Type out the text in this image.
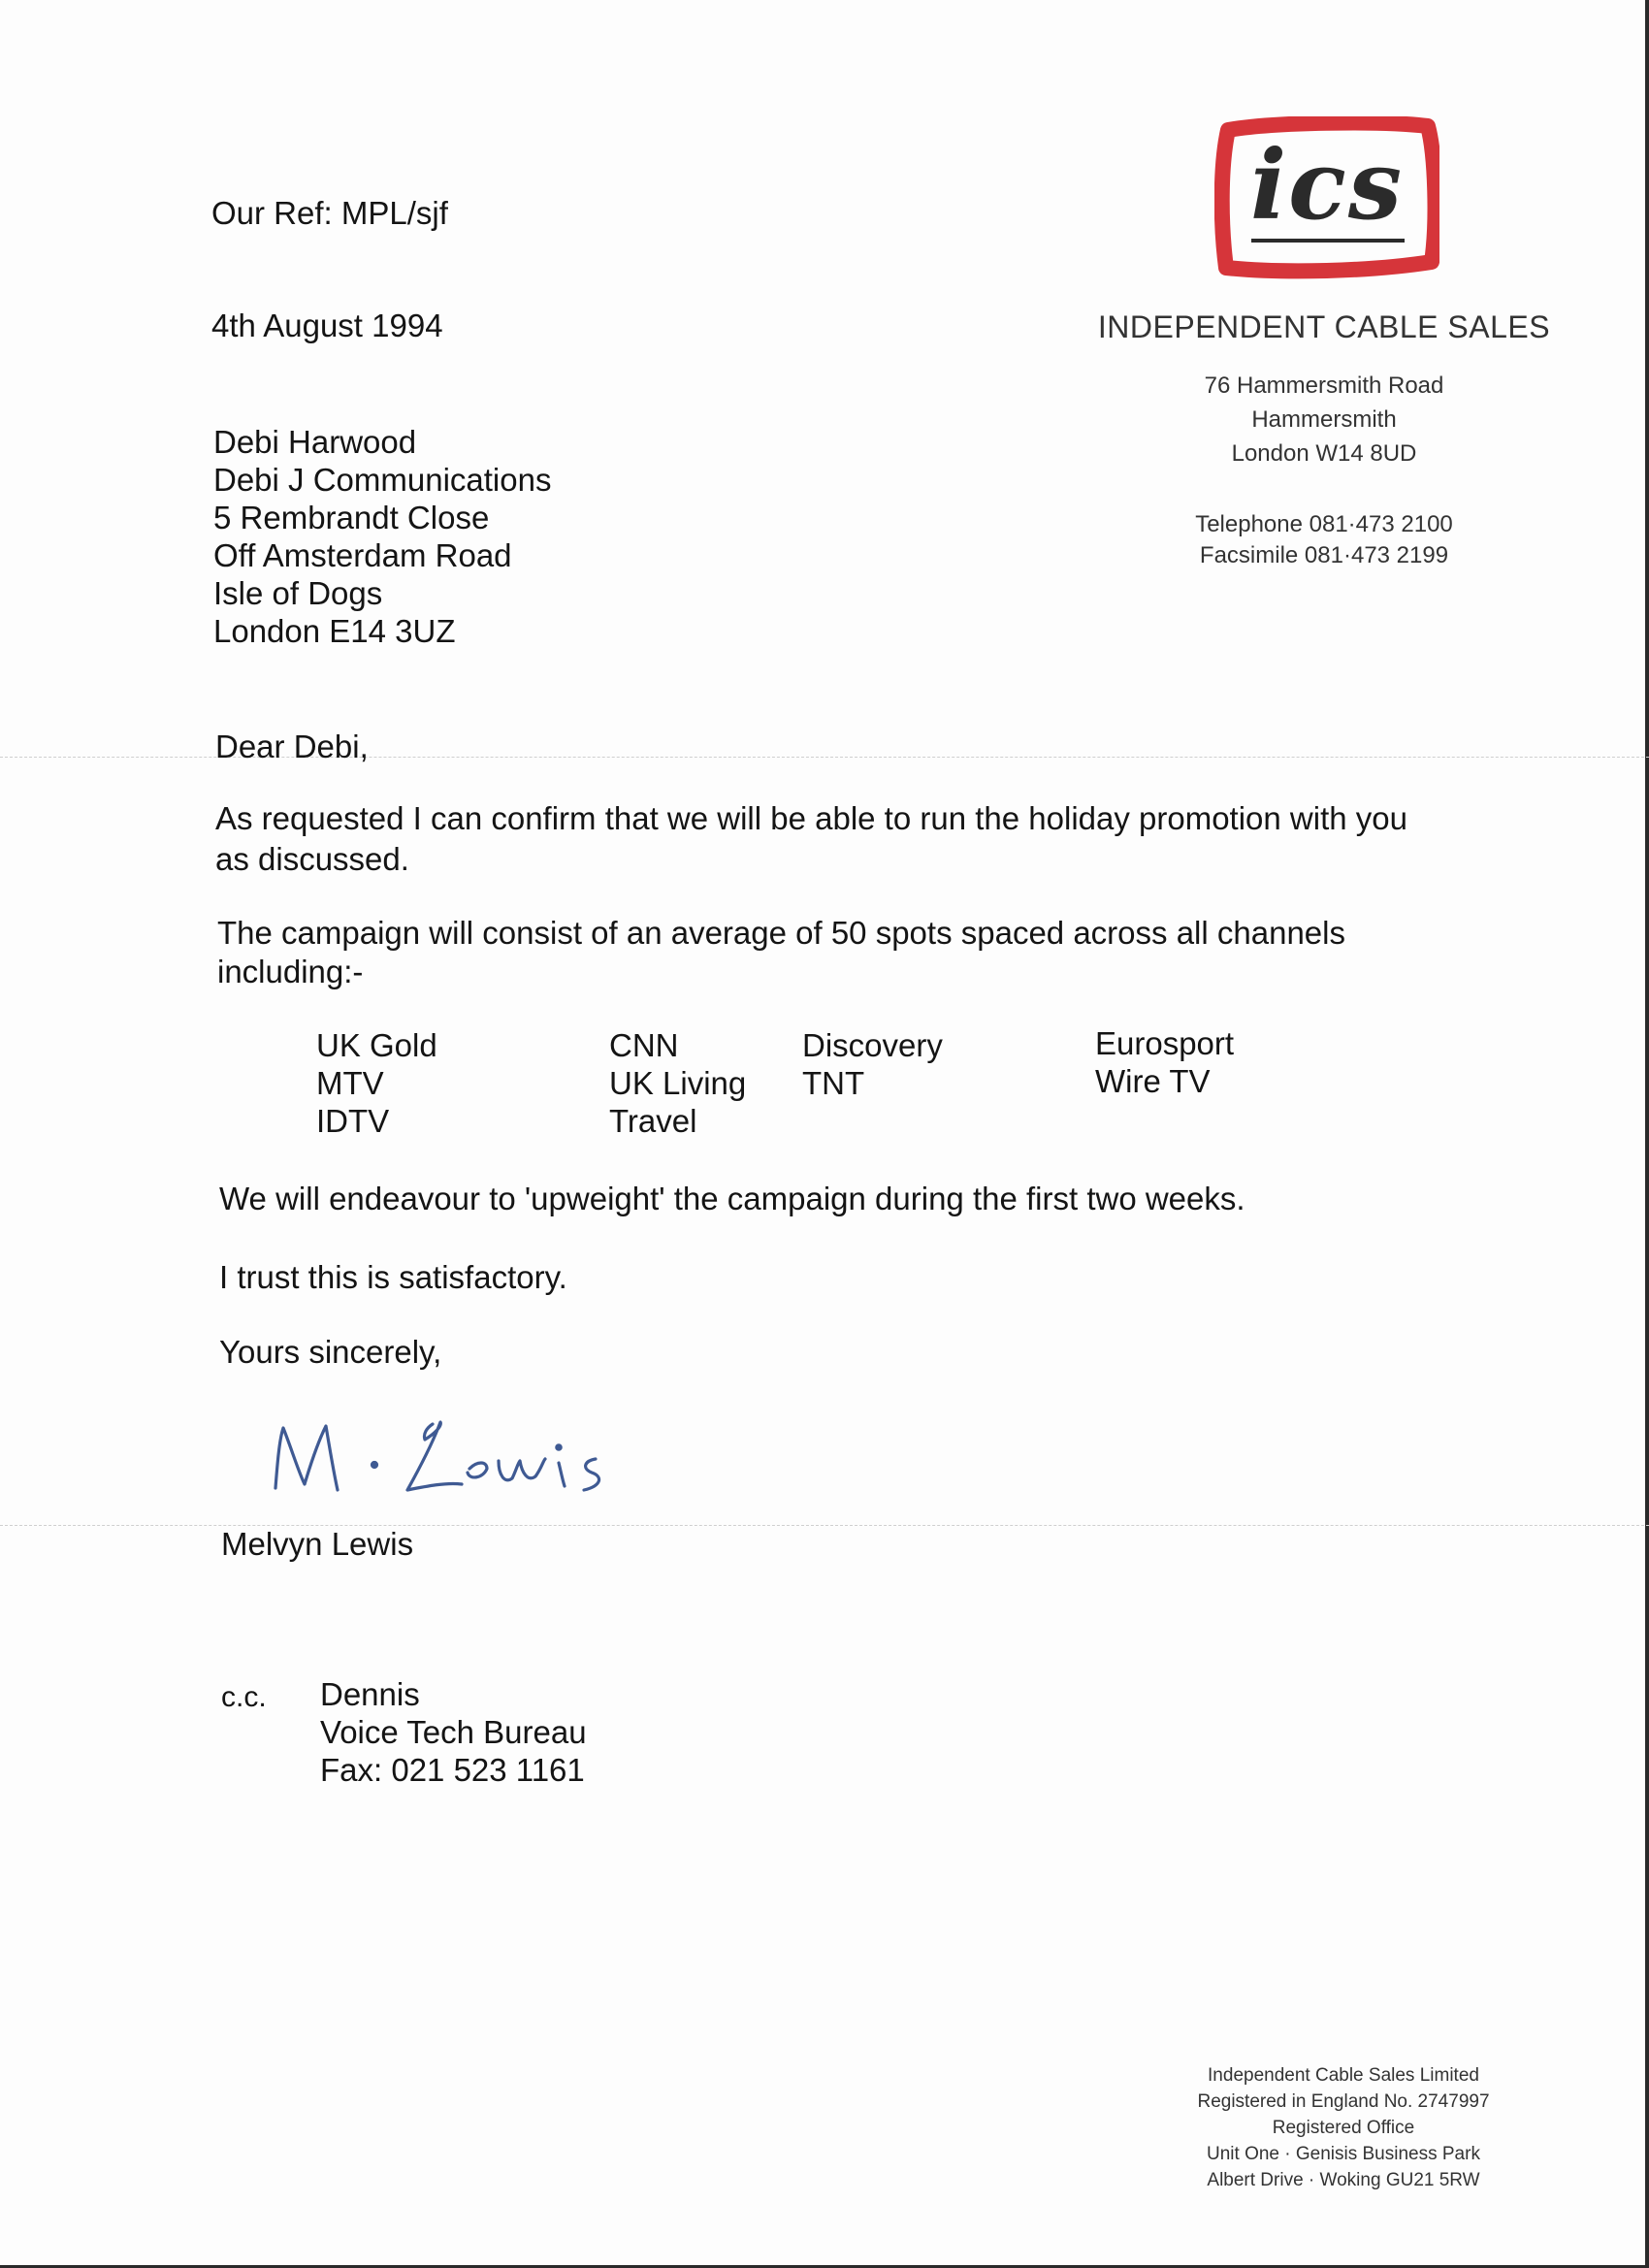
ics
INDEPENDENT CABLE SALES
76 Hammersmith Road
Hammersmith
London W14 8UD
Telephone 081·473 2100
Facsimile 081·473 2199
Our Ref: MPL/sjf
4th August 1994
Debi Harwood
Debi J Communications
5 Rembrandt Close
Off Amsterdam Road
Isle of Dogs
London E14 3UZ
Dear Debi,
As requested I can confirm that we will be able to run the holiday promotion with you
as discussed.
The campaign will consist of an average of 50 spots spaced across all channels
including:-
UK Gold
MTV
IDTV
CNN
UK Living
Travel
Discovery
TNT
Eurosport
Wire TV
We will endeavour to 'upweight' the campaign during the first two weeks.
I trust this is satisfactory.
Yours sincerely,
Melvyn Lewis
c.c. Dennis
Voice Tech Bureau
Fax: 021 523 1161
Independent Cable Sales Limited
Registered in England No. 2747997
Registered Office
Unit One · Genisis Business Park
Albert Drive · Woking GU21 5RW
